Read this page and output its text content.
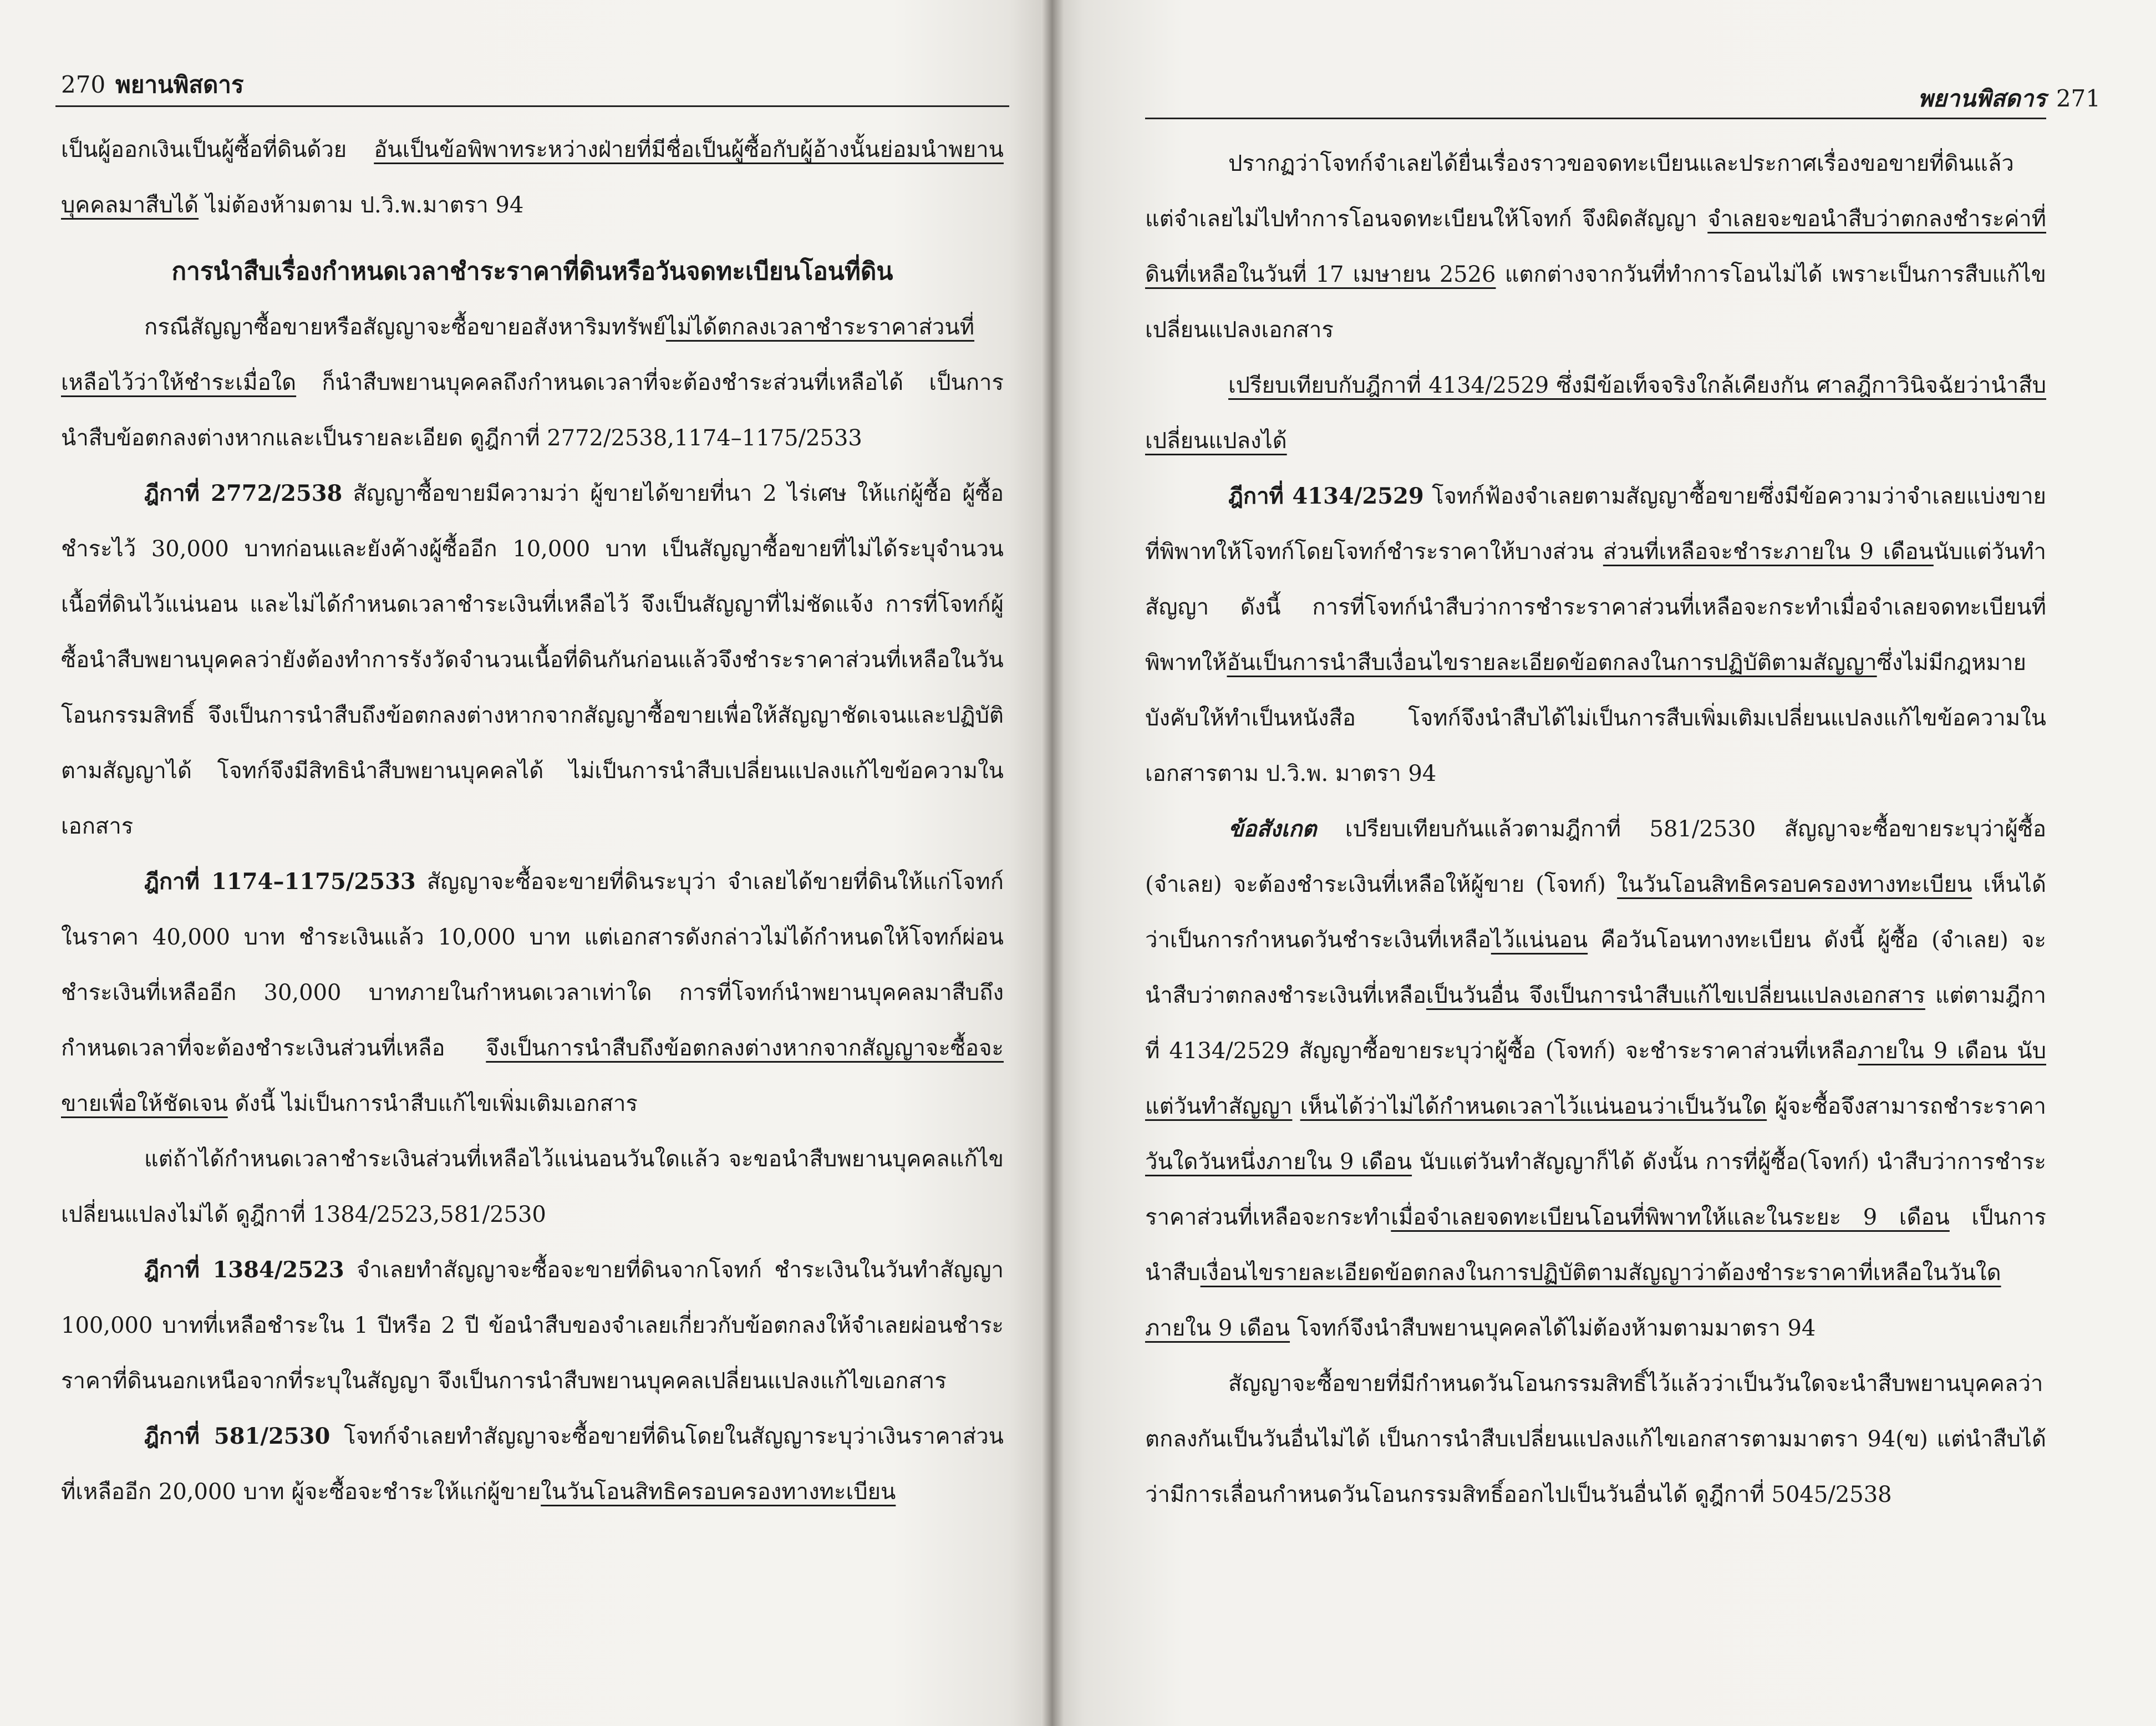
270 พยานพิสดาร

เป็นผู้ออกเงินเป็นผู้ซื้อที่ดินด้วย อันเป็นข้อพิพาทระหว่างฝ่ายที่มีชื่อเป็นผู้ซื้อกับผู้อ้างนั้นย่อมนำพยานบุคคลมาสืบได้ ไม่ต้องห้ามตาม ป.วิ.พ.มาตรา 94

การนำสืบเรื่องกำหนดเวลาชำระราคาที่ดินหรือวันจดทะเบียนโอนที่ดิน

กรณีสัญญาซื้อขายหรือสัญญาจะซื้อขายอสังหาริมทรัพย์ไม่ได้ตกลงเวลาชำระราคาส่วนที่เหลือไว้ว่าให้ชำระเมื่อใด ก็นำสืบพยานบุคคลถึงกำหนดเวลาที่จะต้องชำระส่วนที่เหลือได้ เป็นการนำสืบข้อตกลงต่างหากและเป็นรายละเอียด ดูฎีกาที่ 2772/2538,1174–1175/2533

ฎีกาที่ 2772/2538 สัญญาซื้อขายมีความว่า ผู้ขายได้ขายที่นา 2 ไร่เศษ ให้แก่ผู้ซื้อ ผู้ซื้อชำระไว้ 30,000 บาทก่อนและยังค้างผู้ซื้ออีก 10,000 บาท เป็นสัญญาซื้อขายที่ไม่ได้ระบุจำนวนเนื้อที่ดินไว้แน่นอน และไม่ได้กำหนดเวลาชำระเงินที่เหลือไว้ จึงเป็นสัญญาที่ไม่ชัดแจ้ง การที่โจทก์ผู้ซื้อนำสืบพยานบุคคลว่ายังต้องทำการรังวัดจำนวนเนื้อที่ดินกันก่อนแล้วจึงชำระราคาส่วนที่เหลือในวันโอนกรรมสิทธิ์ จึงเป็นการนำสืบถึงข้อตกลงต่างหากจากสัญญาซื้อขายเพื่อให้สัญญาชัดเจนและปฏิบัติตามสัญญาได้ โจทก์จึงมีสิทธินำสืบพยานบุคคลได้ ไม่เป็นการนำสืบเปลี่ยนแปลงแก้ไขข้อความในเอกสาร

ฎีกาที่ 1174–1175/2533 สัญญาจะซื้อจะขายที่ดินระบุว่า จำเลยได้ขายที่ดินให้แก่โจทก์ในราคา 40,000 บาท ชำระเงินแล้ว 10,000 บาท แต่เอกสารดังกล่าวไม่ได้กำหนดให้โจทก์ผ่อนชำระเงินที่เหลืออีก 30,000 บาทภายในกำหนดเวลาเท่าใด การที่โจทก์นำพยานบุคคลมาสืบถึงกำหนดเวลาที่จะต้องชำระเงินส่วนที่เหลือ จึงเป็นการนำสืบถึงข้อตกลงต่างหากจากสัญญาจะซื้อจะขายเพื่อให้ชัดเจน ดังนี้ ไม่เป็นการนำสืบแก้ไขเพิ่มเติมเอกสาร

แต่ถ้าได้กำหนดเวลาชำระเงินส่วนที่เหลือไว้แน่นอนวันใดแล้ว จะขอนำสืบพยานบุคคลแก้ไขเปลี่ยนแปลงไม่ได้ ดูฎีกาที่ 1384/2523,581/2530

ฎีกาที่ 1384/2523 จำเลยทำสัญญาจะซื้อจะขายที่ดินจากโจทก์ ชำระเงินในวันทำสัญญา 100,000 บาทที่เหลือชำระใน 1 ปีหรือ 2 ปี ข้อนำสืบของจำเลยเกี่ยวกับข้อตกลงให้จำเลยผ่อนชำระราคาที่ดินนอกเหนือจากที่ระบุในสัญญา จึงเป็นการนำสืบพยานบุคคลเปลี่ยนแปลงแก้ไขเอกสาร

ฎีกาที่ 581/2530 โจทก์จำเลยทำสัญญาจะซื้อขายที่ดินโดยในสัญญาระบุว่าเงินราคาส่วนที่เหลืออีก 20,000 บาท ผู้จะซื้อจะชำระให้แก่ผู้ขายในวันโอนสิทธิครอบครองทางทะเบียน

พยานพิสดาร 271

ปรากฏว่าโจทก์จำเลยได้ยื่นเรื่องราวขอจดทะเบียนและประกาศเรื่องขอขายที่ดินแล้ว แต่จำเลยไม่ไปทำการโอนจดทะเบียนให้โจทก์ จึงผิดสัญญา จำเลยจะขอนำสืบว่าตกลงชำระค่าที่ดินที่เหลือในวันที่ 17 เมษายน 2526 แตกต่างจากวันที่ทำการโอนไม่ได้ เพราะเป็นการสืบแก้ไขเปลี่ยนแปลงเอกสาร

เปรียบเทียบกับฎีกาที่ 4134/2529 ซึ่งมีข้อเท็จจริงใกล้เคียงกัน ศาลฎีกาวินิจฉัยว่านำสืบเปลี่ยนแปลงได้

ฎีกาที่ 4134/2529 โจทก์ฟ้องจำเลยตามสัญญาซื้อขายซึ่งมีข้อความว่าจำเลยแบ่งขายที่พิพาทให้โจทก์โดยโจทก์ชำระราคาให้บางส่วน ส่วนที่เหลือจะชำระภายใน 9 เดือนนับแต่วันทำสัญญา ดังนี้ การที่โจทก์นำสืบว่าการชำระราคาส่วนที่เหลือจะกระทำเมื่อจำเลยจดทะเบียนที่พิพาทให้อันเป็นการนำสืบเงื่อนไขรายละเอียดข้อตกลงในการปฏิบัติตามสัญญาซึ่งไม่มีกฎหมายบังคับให้ทำเป็นหนังสือ โจทก์จึงนำสืบได้ไม่เป็นการสืบเพิ่มเติมเปลี่ยนแปลงแก้ไขข้อความในเอกสารตาม ป.วิ.พ. มาตรา 94

ข้อสังเกต เปรียบเทียบกันแล้วตามฎีกาที่ 581/2530 สัญญาจะซื้อขายระบุว่าผู้ซื้อ (จำเลย) จะต้องชำระเงินที่เหลือให้ผู้ขาย (โจทก์) ในวันโอนสิทธิครอบครองทางทะเบียน เห็นได้ว่าเป็นการกำหนดวันชำระเงินที่เหลือไว้แน่นอน คือวันโอนทางทะเบียน ดังนี้ ผู้ซื้อ (จำเลย) จะนำสืบว่าตกลงชำระเงินที่เหลือเป็นวันอื่น จึงเป็นการนำสืบแก้ไขเปลี่ยนแปลงเอกสาร แต่ตามฎีกาที่ 4134/2529 สัญญาซื้อขายระบุว่าผู้ซื้อ (โจทก์) จะชำระราคาส่วนที่เหลือภายใน 9 เดือน นับแต่วันทำสัญญา เห็นได้ว่าไม่ได้กำหนดเวลาไว้แน่นอนว่าเป็นวันใด ผู้จะซื้อจึงสามารถชำระราคาวันใดวันหนึ่งภายใน 9 เดือน นับแต่วันทำสัญญาก็ได้ ดังนั้น การที่ผู้ซื้อ(โจทก์) นำสืบว่าการชำระราคาส่วนที่เหลือจะกระทำเมื่อจำเลยจดทะเบียนโอนที่พิพาทให้และในระยะ 9 เดือน เป็นการนำสืบเงื่อนไขรายละเอียดข้อตกลงในการปฏิบัติตามสัญญาว่าต้องชำระราคาที่เหลือในวันใดภายใน 9 เดือน โจทก์จึงนำสืบพยานบุคคลได้ไม่ต้องห้ามตามมาตรา 94

สัญญาจะซื้อขายที่มีกำหนดวันโอนกรรมสิทธิ์ไว้แล้วว่าเป็นวันใดจะนำสืบพยานบุคคลว่าตกลงกันเป็นวันอื่นไม่ได้ เป็นการนำสืบเปลี่ยนแปลงแก้ไขเอกสารตามมาตรา 94(ข) แต่นำสืบได้ว่ามีการเลื่อนกำหนดวันโอนกรรมสิทธิ์ออกไปเป็นวันอื่นได้ ดูฎีกาที่ 5045/2538
